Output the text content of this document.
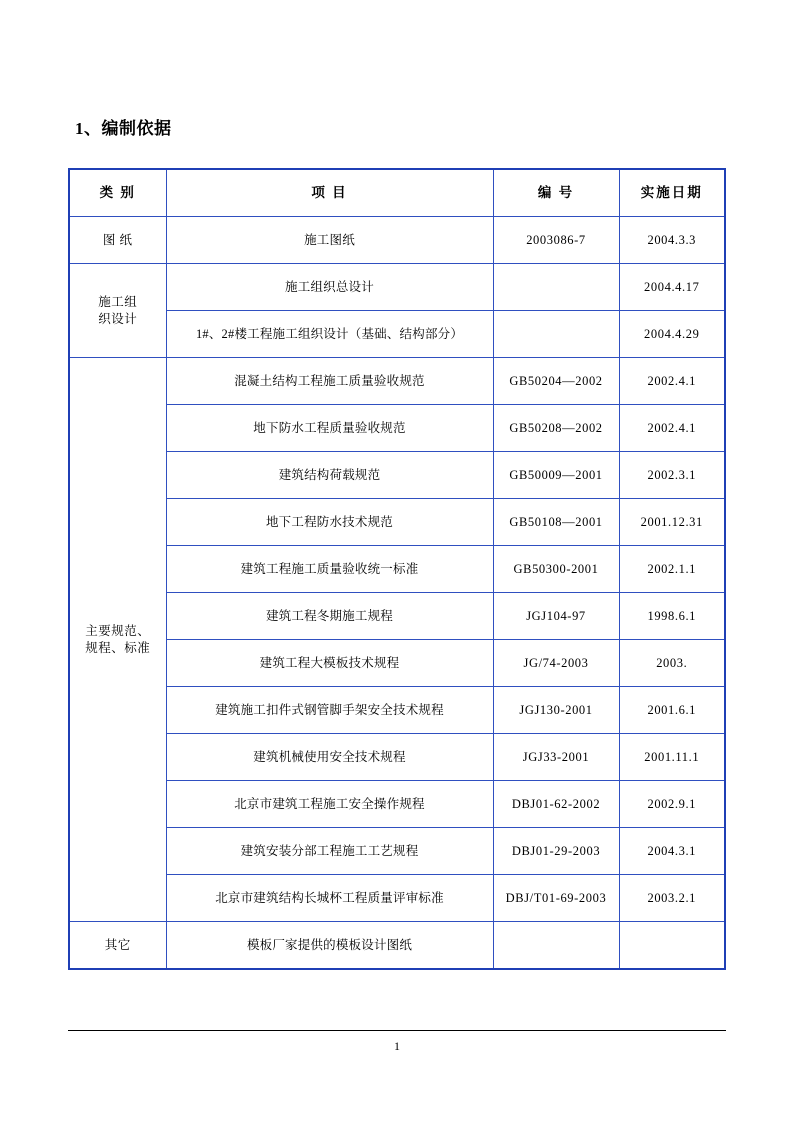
1、编制依据
类 别	项 目	编 号	实施日期
图 纸	施工图纸	2003086-7	2004.3.3
施工组
织设计	施工组织总设计		2004.4.17
	1#、2#楼工程施工组织设计（基础、结构部分）		2004.4.29
主要规范、
规程、标准	混凝土结构工程施工质量验收规范	GB50204—2002	2002.4.1
	地下防水工程质量验收规范	GB50208—2002	2002.4.1
	建筑结构荷载规范	GB50009—2001	2002.3.1
	地下工程防水技术规范	GB50108—2001	2001.12.31
	建筑工程施工质量验收统一标准	GB50300-2001	2002.1.1
	建筑工程冬期施工规程	JGJ104-97	1998.6.1
	建筑工程大模板技术规程	JG/74-2003	2003.
	建筑施工扣件式钢管脚手架安全技术规程	JGJ130-2001	2001.6.1
	建筑机械使用安全技术规程	JGJ33-2001	2001.11.1
	北京市建筑工程施工安全操作规程	DBJ01-62-2002	2002.9.1
	建筑安装分部工程施工工艺规程	DBJ01-29-2003	2004.3.1
	北京市建筑结构长城杯工程质量评审标准	DBJ/T01-69-2003	2003.2.1
其它	模板厂家提供的模板设计图纸		
1
